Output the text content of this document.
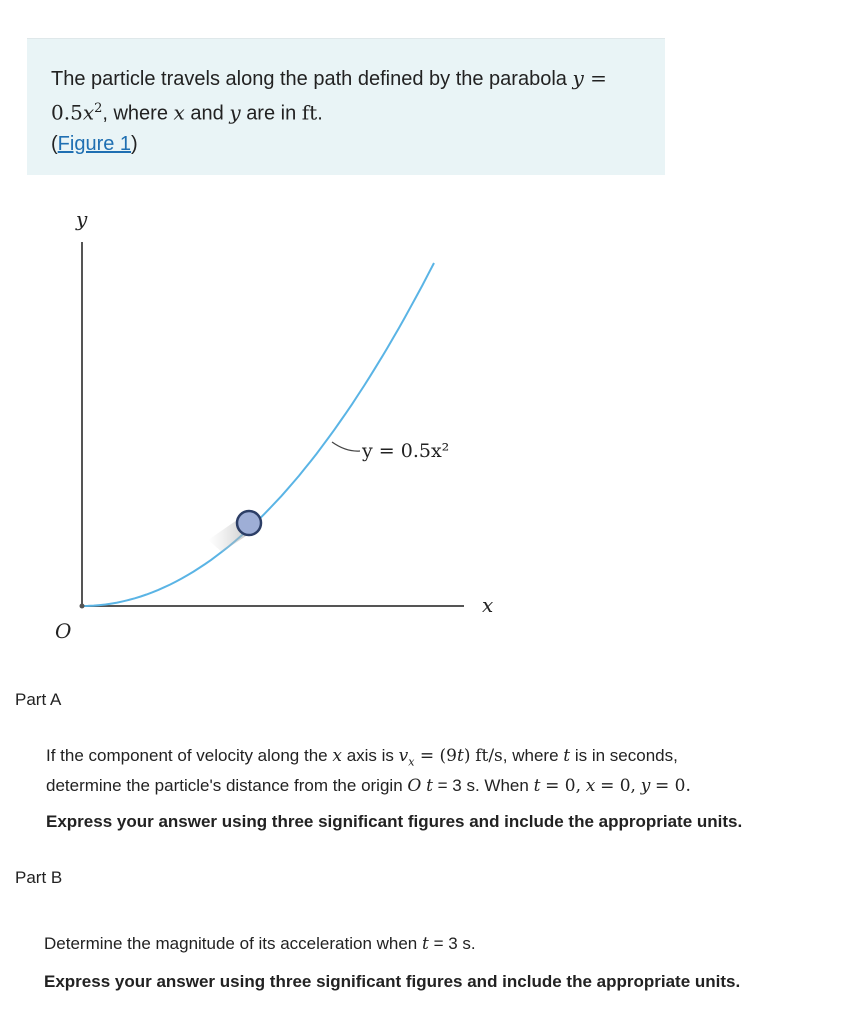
The particle travels along the path defined by the parabola $y = 0.5x^2$, where x and y are in ft.
(Figure 1)
y
x
O
y = 0.5x²
Part A
If the component of velocity along the x axis is $v_x = (9t)$ ft/s, where t is in seconds,
determine the particle's distance from the origin O t = 3 s. When t = 0, x = 0, y = 0.
Express your answer using three significant figures and include the appropriate units.
Part B
Determine the magnitude of its acceleration when t = 3 s.
Express your answer using three significant figures and include the appropriate units.
